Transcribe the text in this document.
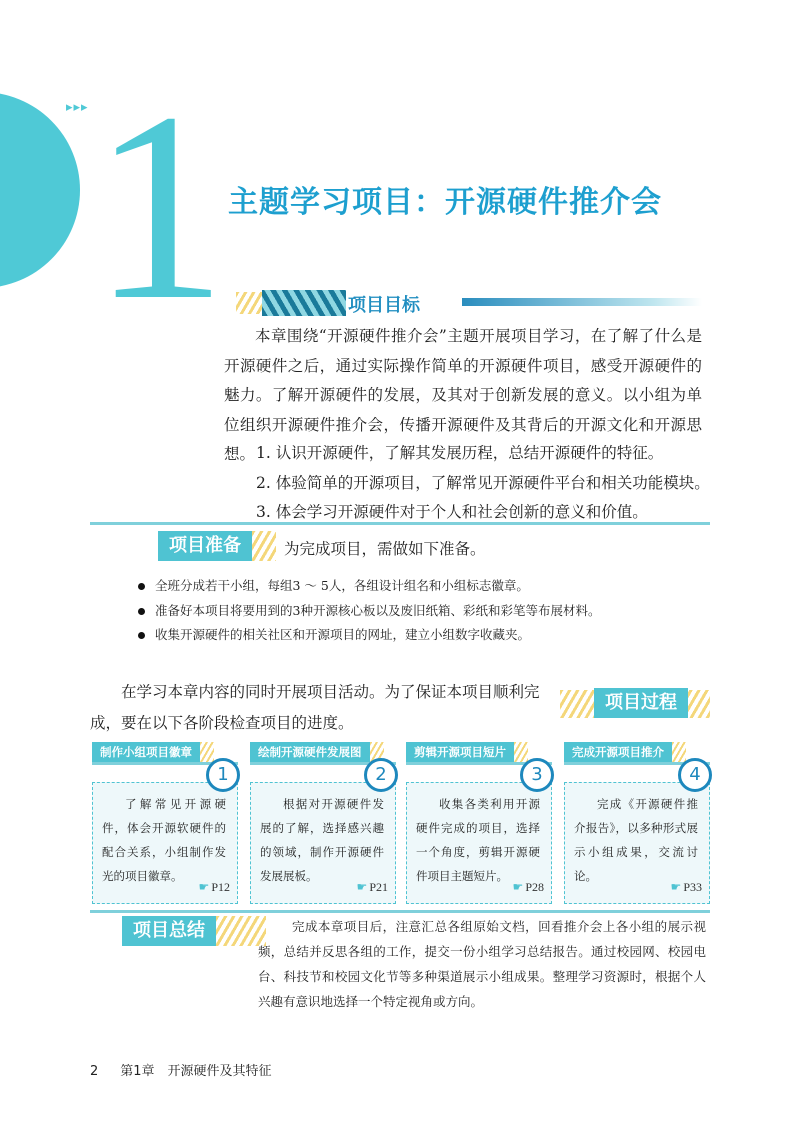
▸▸▸ 1 主题学习项目：开源硬件推介会
项目目标
本章围绕“开源硬件推介会”主题开展项目学习，在了解了什么是开源硬件之后，通过实际操作简单的开源硬件项目，感受开源硬件的魅力。了解开源硬件的发展，及其对于创新发展的意义。以小组为单位组织开源硬件推介会，传播开源硬件及其背后的开源文化和开源思想。 1. 认识开源硬件，了解其发展历程，总结开源硬件的特征。
2. 体验简单的开源项目，了解常见开源硬件平台和相关功能模块。
3. 体会学习开源硬件对于个人和社会创新的意义和价值。
项目准备	为完成项目，需做如下准备。
全班分成若干小组，每组3 ～ 5人，各组设计组名和小组标志徽章。
准备好本项目将要用到的3种开源核心板以及废旧纸箱、彩纸和彩笔等布展材料。
收集开源硬件的相关社区和开源项目的网址，建立小组数字收藏夹。
在学习本章内容的同时开展项目活动。为了保证本项目顺利完成，要在以下各阶段检查项目的进度。
项目过程
制作小组项目徽章
1
了解常见开源硬件，体会开源软硬件的配合关系，小组制作发光的项目徽章。
☛ P12
绘制开源硬件发展图
2
根据对开源硬件发展的了解，选择感兴趣的领域，制作开源硬件发展展板。
☛ P21
剪辑开源项目短片
3
收集各类利用开源硬件完成的项目，选择一个角度，剪辑开源硬件项目主题短片。
☛ P28
完成开源项目推介
4
完成《开源硬件推介报告》，以多种形式展示小组成果，交流讨论。
☛ P33
项目总结	完成本章项目后，注意汇总各组原始文档，回看推介会上各小组的展示视频，总结并反思各组的工作，提交一份小组学习总结报告。通过校园网、校园电台、科技节和校园文化节等多种渠道展示小组成果。整理学习资源时，根据个人兴趣有意识地选择一个特定视角或方向。
2 第1章　开源硬件及其特征
